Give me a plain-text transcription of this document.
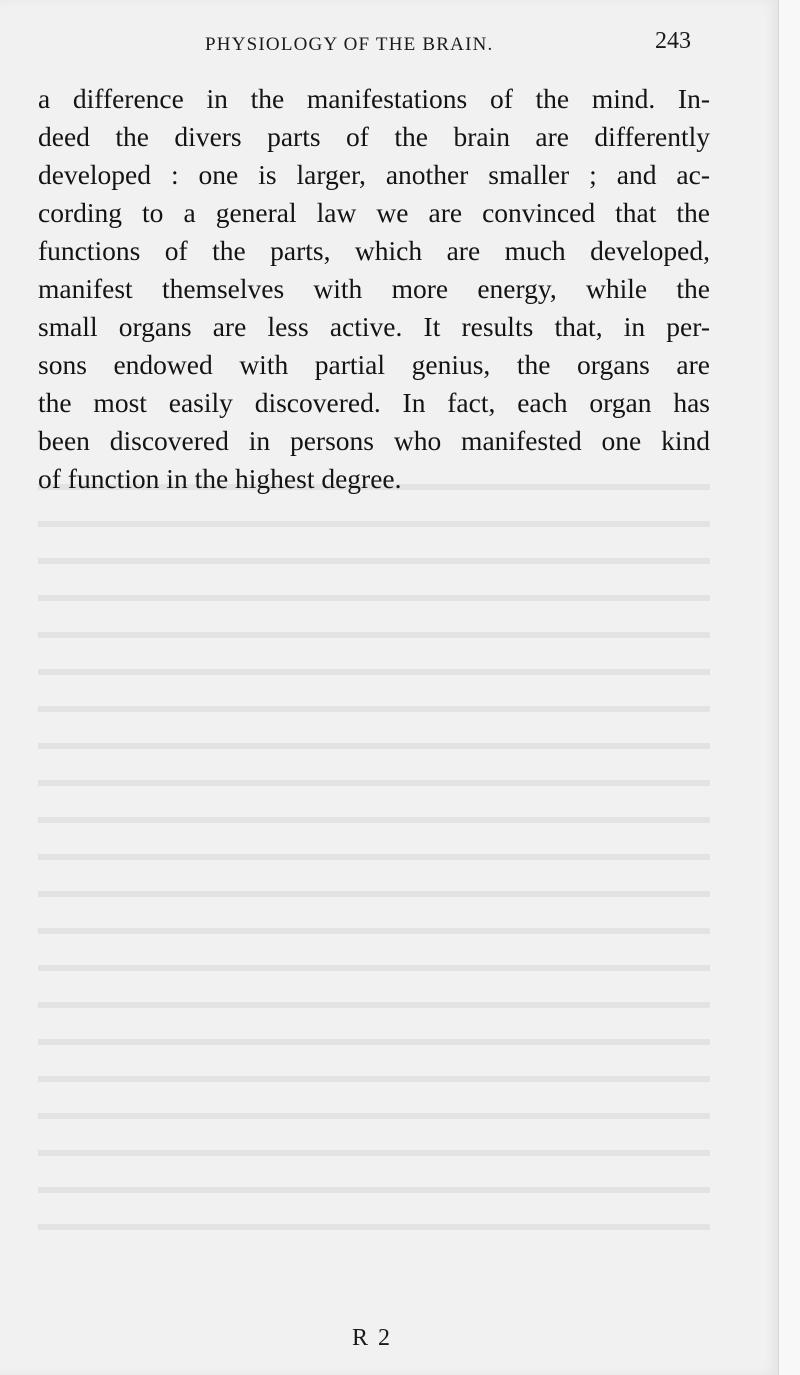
PHYSIOLOGY OF THE BRAIN.	243
a difference in the manifestations of the mind. In-
deed the divers parts of the brain are differently
developed : one is larger, another smaller ; and ac-
cording to a general law we are convinced that the
functions of the parts, which are much developed,
manifest themselves with more energy, while the
small organs are less active. It results that, in per-
sons endowed with partial genius, the organs are
the most easily discovered. In fact, each organ has
been discovered in persons who manifested one kind
of function in the highest degree.
R 2
